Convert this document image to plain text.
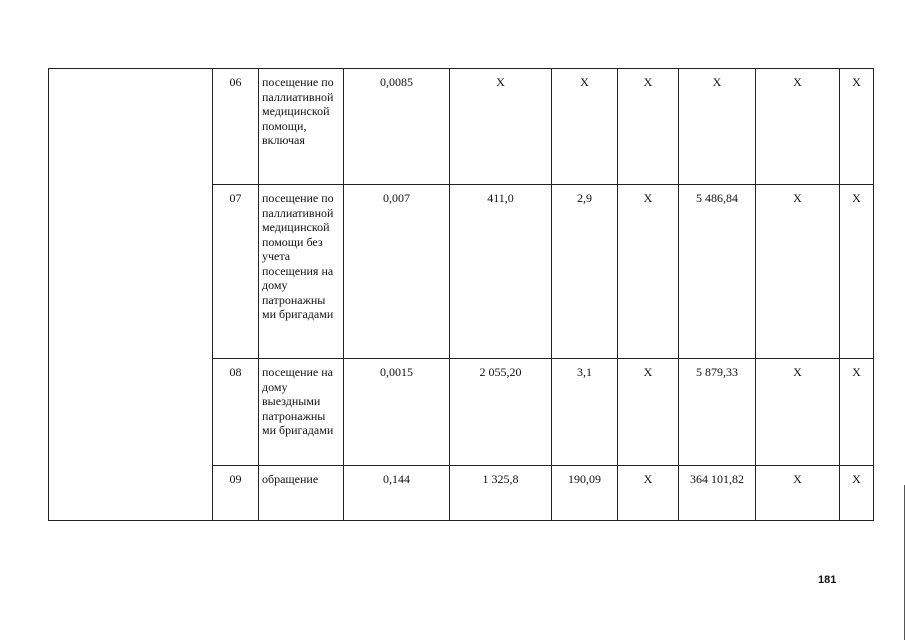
	06	посещение по паллиативной медицинской помощи, включая	0,0085	X	X	X	X	X	X
	07	посещение по паллиативной медицинской помощи без учета посещения на дому патронажны ми бригадами	0,007	411,0	2,9	X	5 486,84	X	X
	08	посещение на дому выездными патронажны ми бригадами	0,0015	2 055,20	3,1	X	5 879,33	X	X
	09	обращение	0,144	1 325,8	190,09	X	364 101,82	X	X
181
